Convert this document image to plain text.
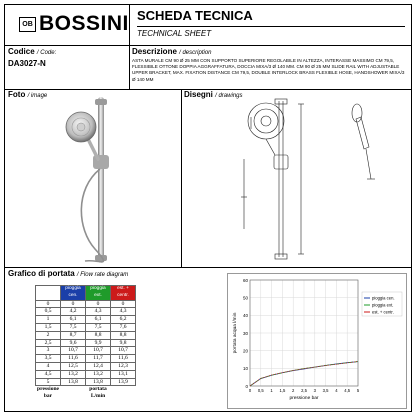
OB BOSSINI SCHEDA TECNICA
TECHNICAL SHEET
Codice / Code:
DA3027-N
Descrizione / description
ASTA MURALE CM 90 Ø 25 MM CON SUPPORTO SUPERIORE REGOLABILE IN ALTEZZA, INTERASSE MASSIMO CM 79,5, FLESSIBILE OTTONE DOPPIA AGGRAFFATURA, DOCCIA MIXA/3 Ø 140 MM. CM 90 Ø 25 MM SLIDE RAIL WITH ADJUSTABLE UPPER BRACKET, MAX. FIXATION DISTANCE CM 79,5, DOUBLE INTERLOCK BRASS FLEXIBLE HOSE, HANDSHOWER MIXA/3 Ø 140 MM
Foto / image	Disegni / drawings
Grafico di portata / Flow rate diagram
	pioggia cen.	pioggia ext.	est. + centr.
0	0	0	0
0,5	4,2	4,3	4,3
1	6,1	6,1	6,2
1,5	7,5	7,5	7,6
2	8,7	8,8	8,8
2,5	9,6	9,9	9,8
3	10,7	10,7	10,7
3,5	11,6	11,7	11,6
4	12,5	12,4	12,3
4,5	13,2	13,2	13,1
5	13,8	13,8	13,9
pressione bar		portata L/min	
0
10
20
30
40
50
60
0 0,5 1 1,5 2 2,5 3 3,5 4 4,5 5
pressione bar
portata acqua l/min
pioggia cen.
pioggia ext.
est. + centr.
